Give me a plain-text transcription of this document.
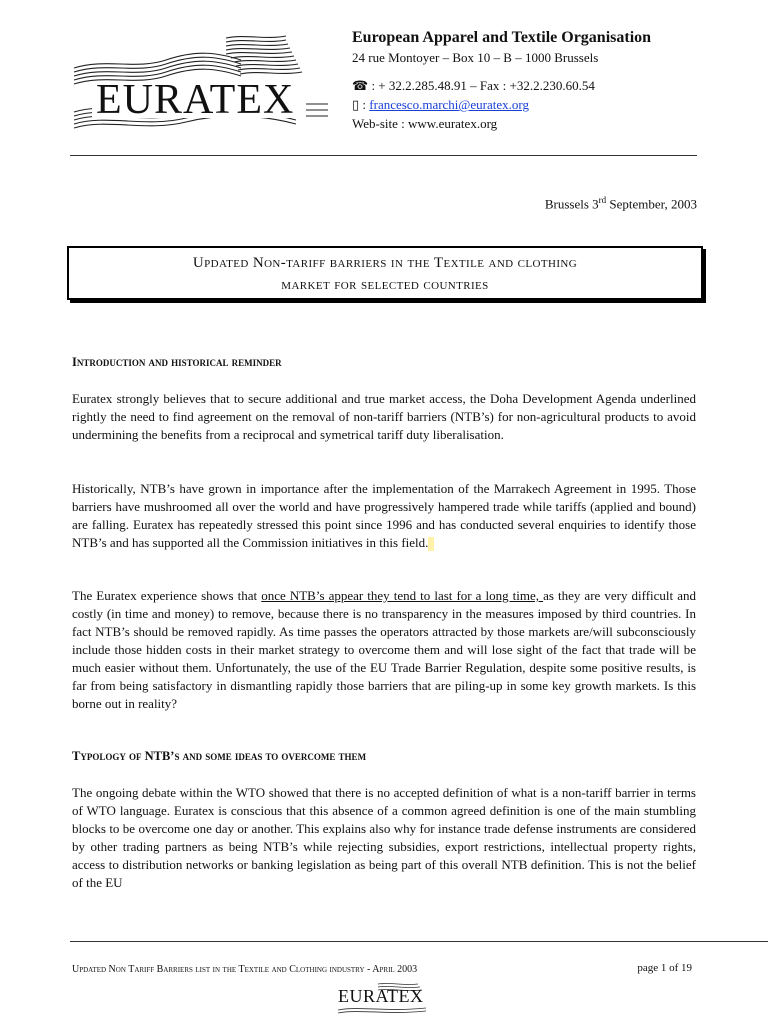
EURATEX
European Apparel and Textile Organisation
24 rue Montoyer – Box 10 – B – 1000 Brussels
☎ : + 32.2.285.48.91 – Fax : +32.2.230.60.54
▯ : francesco.marchi@euratex.org
Web-site : www.euratex.org
Brussels 3rd September, 2003
Updated Non-tariff barriers in the Textile and clothing
market for selected countries
Introduction and historical reminder
Euratex strongly believes that to secure additional and true market access, the Doha Development Agenda underlined rightly the need to find agreement on the removal of non-tariff barriers (NTB’s) for non-agricultural products to avoid undermining the benefits from a reciprocal and symetrical tariff duty liberalisation.
Historically, NTB’s have grown in importance after the implementation of the Marrakech Agreement in 1995. Those barriers have mushroomed all over the world and have progressively hampered trade while tariffs (applied and bound) are falling. Euratex has repeatedly stressed this point since 1996 and has conducted several enquiries to identify those NTB’s and has supported all the Commission initiatives in this field.
The Euratex experience shows that once NTB’s appear they tend to last for a long time, as they are very difficult and costly (in time and money) to remove, because there is no transparency in the measures imposed by third countries. In fact NTB’s should be removed rapidly. As time passes the operators attracted by those markets are/will subconsciously include those hidden costs in their market strategy to overcome them and will lose sight of the fact that trade will be much easier without them. Unfortunately, the use of the EU Trade Barrier Regulation, despite some positive results, is far from being satisfactory in dismantling rapidly those barriers that are piling-up in some key growth markets. Is this borne out in reality?
Typology of NTB’s and some ideas to overcome them
The ongoing debate within the WTO showed that there is no accepted definition of what is a non-tariff barrier in terms of WTO language. Euratex is conscious that this absence of a common agreed definition is one of the main stumbling blocks to be overcome one day or another. This explains also why for instance trade defense instruments are considered by other trading partners as being NTB’s while rejecting subsidies, export restrictions, intellectual property rights, access to distribution networks or banking legislation as being part of this overall NTB definition. This is not the belief of the EU
Updated Non Tariff Barriers list in the Textile and Clothing industry - April 2003	page 1 of 19
EURATEX
